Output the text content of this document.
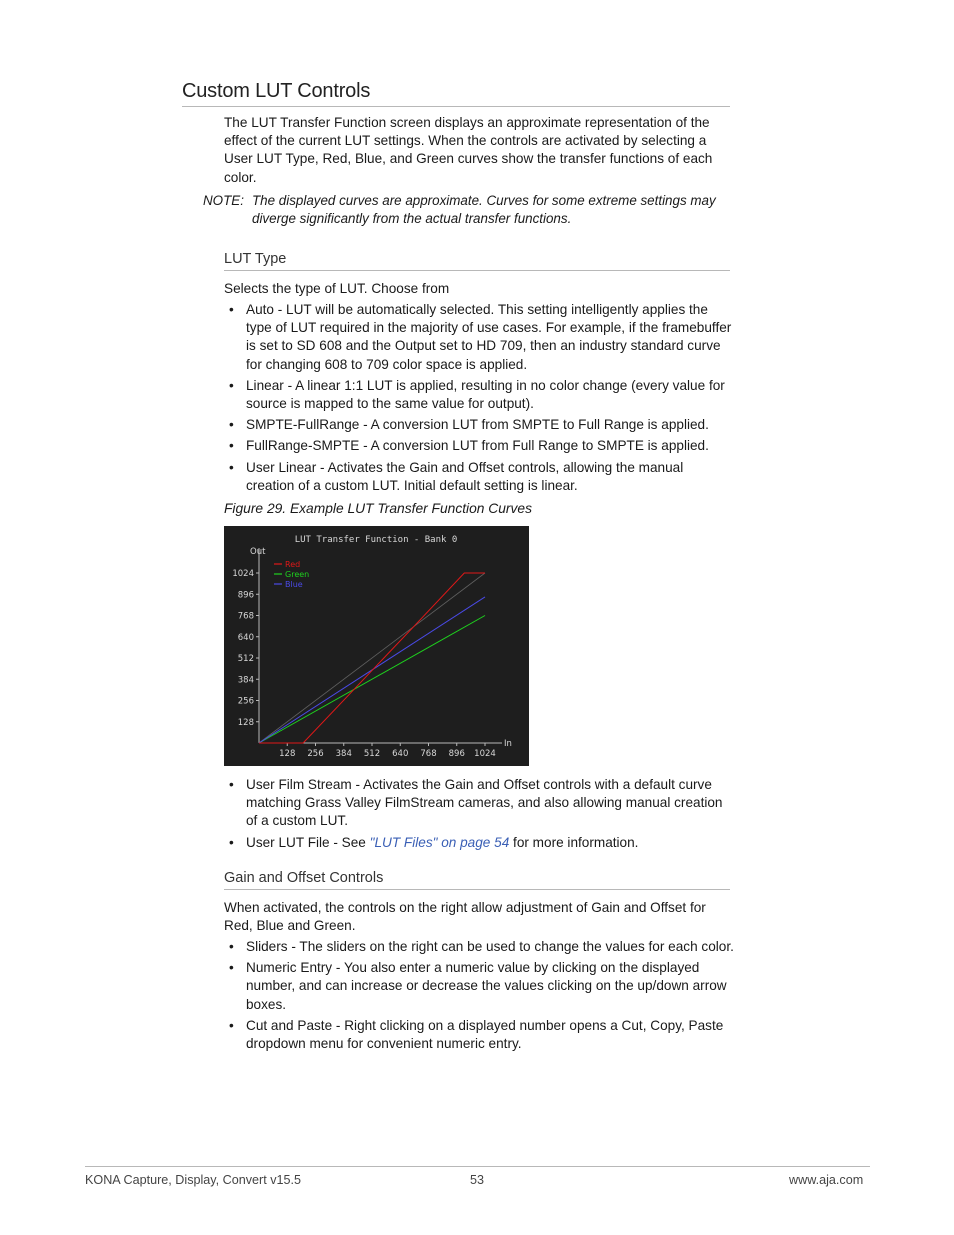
Custom LUT Controls

The LUT Transfer Function screen displays an approximate representation of the effect of the current LUT settings. When the controls are activated by selecting a User LUT Type, Red, Blue, and Green curves show the transfer functions of each color.

NOTE: The displayed curves are approximate. Curves for some extreme settings may diverge significantly from the actual transfer functions.
LUT Type

Selects the type of LUT. Choose from

• Auto - LUT will be automatically selected. This setting intelligently applies the type of LUT required in the majority of use cases. For example, if the framebuffer is set to SD 608 and the Output set to HD 709, then an industry standard curve for changing 608 to 709 color space is applied.
• Linear - A linear 1:1 LUT is applied, resulting in no color change (every value for source is mapped to the same value for output).
• SMPTE-FullRange - A conversion LUT from SMPTE to Full Range is applied.
• FullRange-SMPTE - A conversion LUT from Full Range to SMPTE is applied.
• User Linear - Activates the Gain and Offset controls, allowing the manual creation of a custom LUT. Initial default setting is linear.
Figure 29. Example LUT Transfer Function Curves
LUT Transfer Function - Bank 0
Out
In
128
128
256
256
384
384
512
512
640
640
768
768
896
896
1024
1024
Red
Green
Blue
• User Film Stream - Activates the Gain and Offset controls with a default curve matching Grass Valley FilmStream cameras, and also allowing manual creation of a custom LUT.
• User LUT File - See "LUT Files" on page 54 for more information.
Gain and Offset Controls

When activated, the controls on the right allow adjustment of Gain and Offset for Red, Blue and Green.

• Sliders - The sliders on the right can be used to change the values for each color.
• Numeric Entry - You also enter a numeric value by clicking on the displayed number, and can increase or decrease the values clicking on the up/down arrow boxes.
• Cut and Paste - Right clicking on a displayed number opens a Cut, Copy, Paste dropdown menu for convenient numeric entry.
KONA Capture, Display, Convert v15.5	53	www.aja.com
